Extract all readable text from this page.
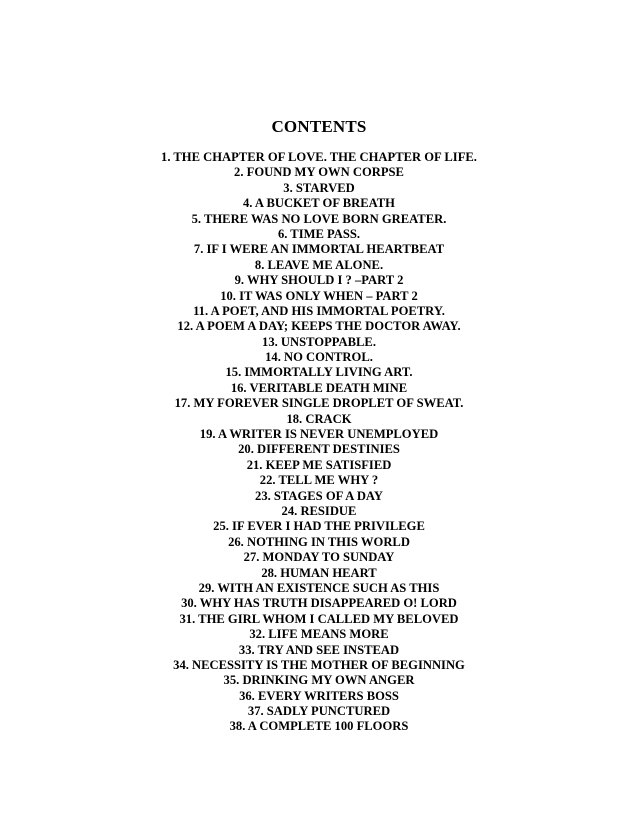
CONTENTS
1. THE CHAPTER OF LOVE. THE CHAPTER OF LIFE.
2. FOUND MY OWN CORPSE
3. STARVED
4. A BUCKET OF BREATH
5. THERE WAS NO LOVE BORN GREATER.
6. TIME PASS.
7. IF I WERE AN IMMORTAL HEARTBEAT
8. LEAVE ME ALONE.
9. WHY SHOULD I ? –PART 2
10. IT WAS ONLY WHEN – PART 2
11. A POET, AND HIS IMMORTAL POETRY.
12. A POEM A DAY; KEEPS THE DOCTOR AWAY.
13. UNSTOPPABLE.
14. NO CONTROL.
15. IMMORTALLY LIVING ART.
16. VERITABLE DEATH MINE
17. MY FOREVER SINGLE DROPLET OF SWEAT.
18. CRACK
19. A WRITER IS NEVER UNEMPLOYED
20. DIFFERENT DESTINIES
21. KEEP ME SATISFIED
22. TELL ME WHY ?
23. STAGES OF A DAY
24. RESIDUE
25. IF EVER I HAD THE PRIVILEGE
26. NOTHING IN THIS WORLD
27. MONDAY TO SUNDAY
28. HUMAN HEART
29. WITH AN EXISTENCE SUCH AS THIS
30. WHY HAS TRUTH DISAPPEARED O! LORD
31. THE GIRL WHOM I CALLED MY BELOVED
32. LIFE MEANS MORE
33. TRY AND SEE INSTEAD
34. NECESSITY IS THE MOTHER OF BEGINNING
35. DRINKING MY OWN ANGER
36. EVERY WRITERS BOSS
37. SADLY PUNCTURED
38. A COMPLETE 100 FLOORS
